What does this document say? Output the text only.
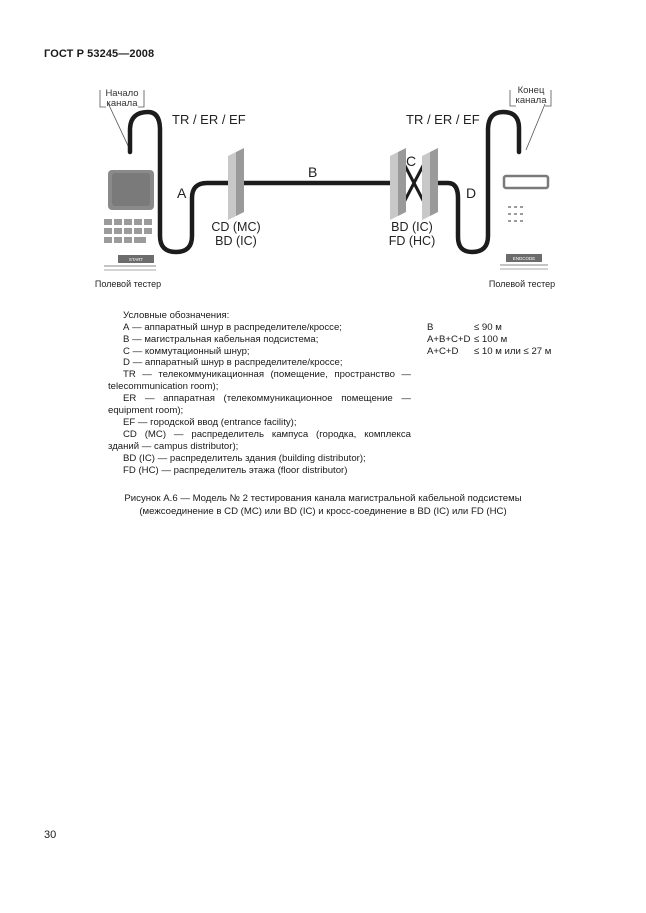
ГОСТ Р 53245—2008
Начало
канала
Конец
канала
START	ENDCODE
TR / ER / EF	TR / ER / EF
A
B
C
D
CD (MC)
BD (IC)
BD (IC)
FD (HC)
Полевой тестер	Полевой тестер
Условные обозначения:
А — аппаратный шнур в распределителе/кроссе;
В — магистральная кабельная подсистема;
С — коммутационный шнур;
D — аппаратный шнур в распределителе/кроссе;
TR — телекоммуникационная (помещение, пространство —
telecommunication room);
ER — аппаратная (телекоммуникационное помещение —
equipment room);
EF — городской ввод (entrance facility);
CD (МС) — распределитель кампуса (городка, комплекса
зданий — campus distributor);
BD (IC) — распределитель здания (building distributor);
FD (HC) — распределитель этажа (floor distributor)
B	≤ 90 м
A+B+C+D ≤ 100 м
A+C+D ≤ 10 м или ≤ 27 м
Рисунок А.6 — Модель № 2 тестирования канала магистральной кабельной подсистемы
(межсоединение в CD (MC) или BD (IC) и кросс-соединение в BD (IC) или FD (HC)
30
